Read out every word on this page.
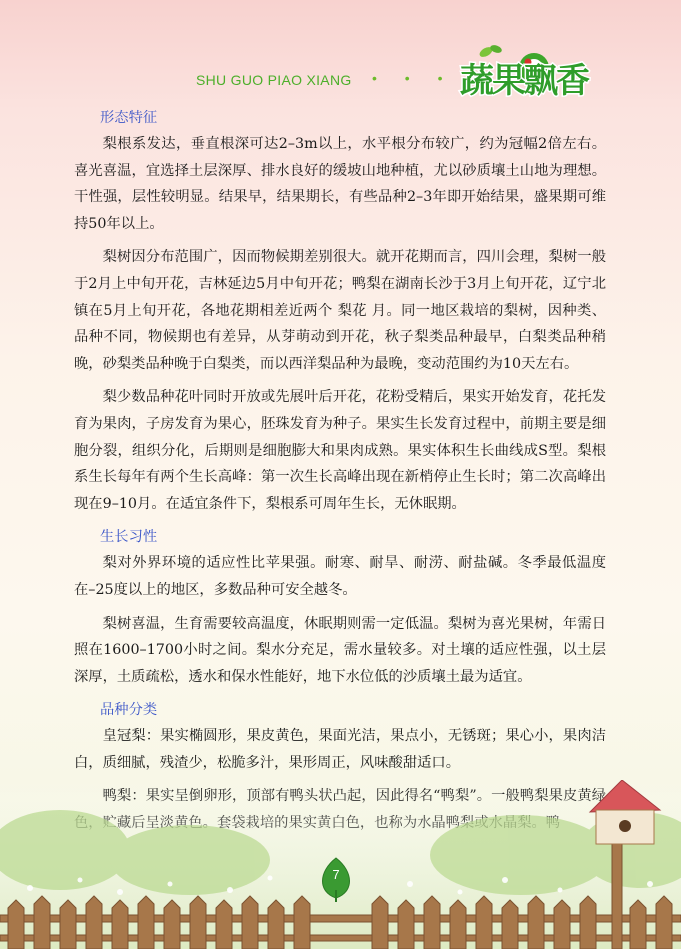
SHU GUO PIAO XIANG • • • 蔬果飘香
形态特征

梨根系发达，垂直根深可达2–3m以上，水平根分布较广，约为冠幅2倍左右。喜光喜温，宜选择土层深厚、排水良好的缓坡山地种植，尤以砂质壤土山地为理想。干性强，层性较明显。结果早，结果期长，有些品种2–3年即开始结果，盛果期可维持50年以上。

梨树因分布范围广，因而物候期差别很大。就开花期而言，四川会理，梨树一般于2月上中旬开花，吉林延边5月中旬开花；鸭梨在湖南长沙于3月上旬开花，辽宁北镇在5月上旬开花，各地花期相差近两个 梨花 月。同一地区栽培的梨树，因种类、品种不同，物候期也有差异，从芽萌动到开花，秋子梨类品种最早，白梨类品种稍晚，砂梨类品种晚于白梨类，而以西洋梨品种为最晚，变动范围约为10天左右。

梨少数品种花叶同时开放或先展叶后开花，花粉受精后，果实开始发育，花托发育为果肉，子房发育为果心，胚珠发育为种子。果实生长发育过程中，前期主要是细胞分裂，组织分化，后期则是细胞膨大和果肉成熟。果实体积生长曲线成S型。梨根系生长每年有两个生长高峰：第一次生长高峰出现在新梢停止生长时；第二次高峰出现在9–10月。在适宜条件下，梨根系可周年生长，无休眠期。

生长习性

梨对外界环境的适应性比苹果强。耐寒、耐旱、耐涝、耐盐碱。冬季最低温度在–25度以上的地区，多数品种可安全越冬。

梨树喜温，生育需要较高温度，休眠期则需一定低温。梨树为喜光果树，年需日照在1600–1700小时之间。梨水分充足，需水量较多。对土壤的适应性强，以土层深厚，土质疏松，透水和保水性能好，地下水位低的沙质壤土最为适宜。

品种分类

皇冠梨：果实椭圆形，果皮黄色，果面光洁，果点小，无锈斑；果心小，果肉洁白，质细腻，残渣少，松脆多汁，果形周正，风味酸甜适口。

7
